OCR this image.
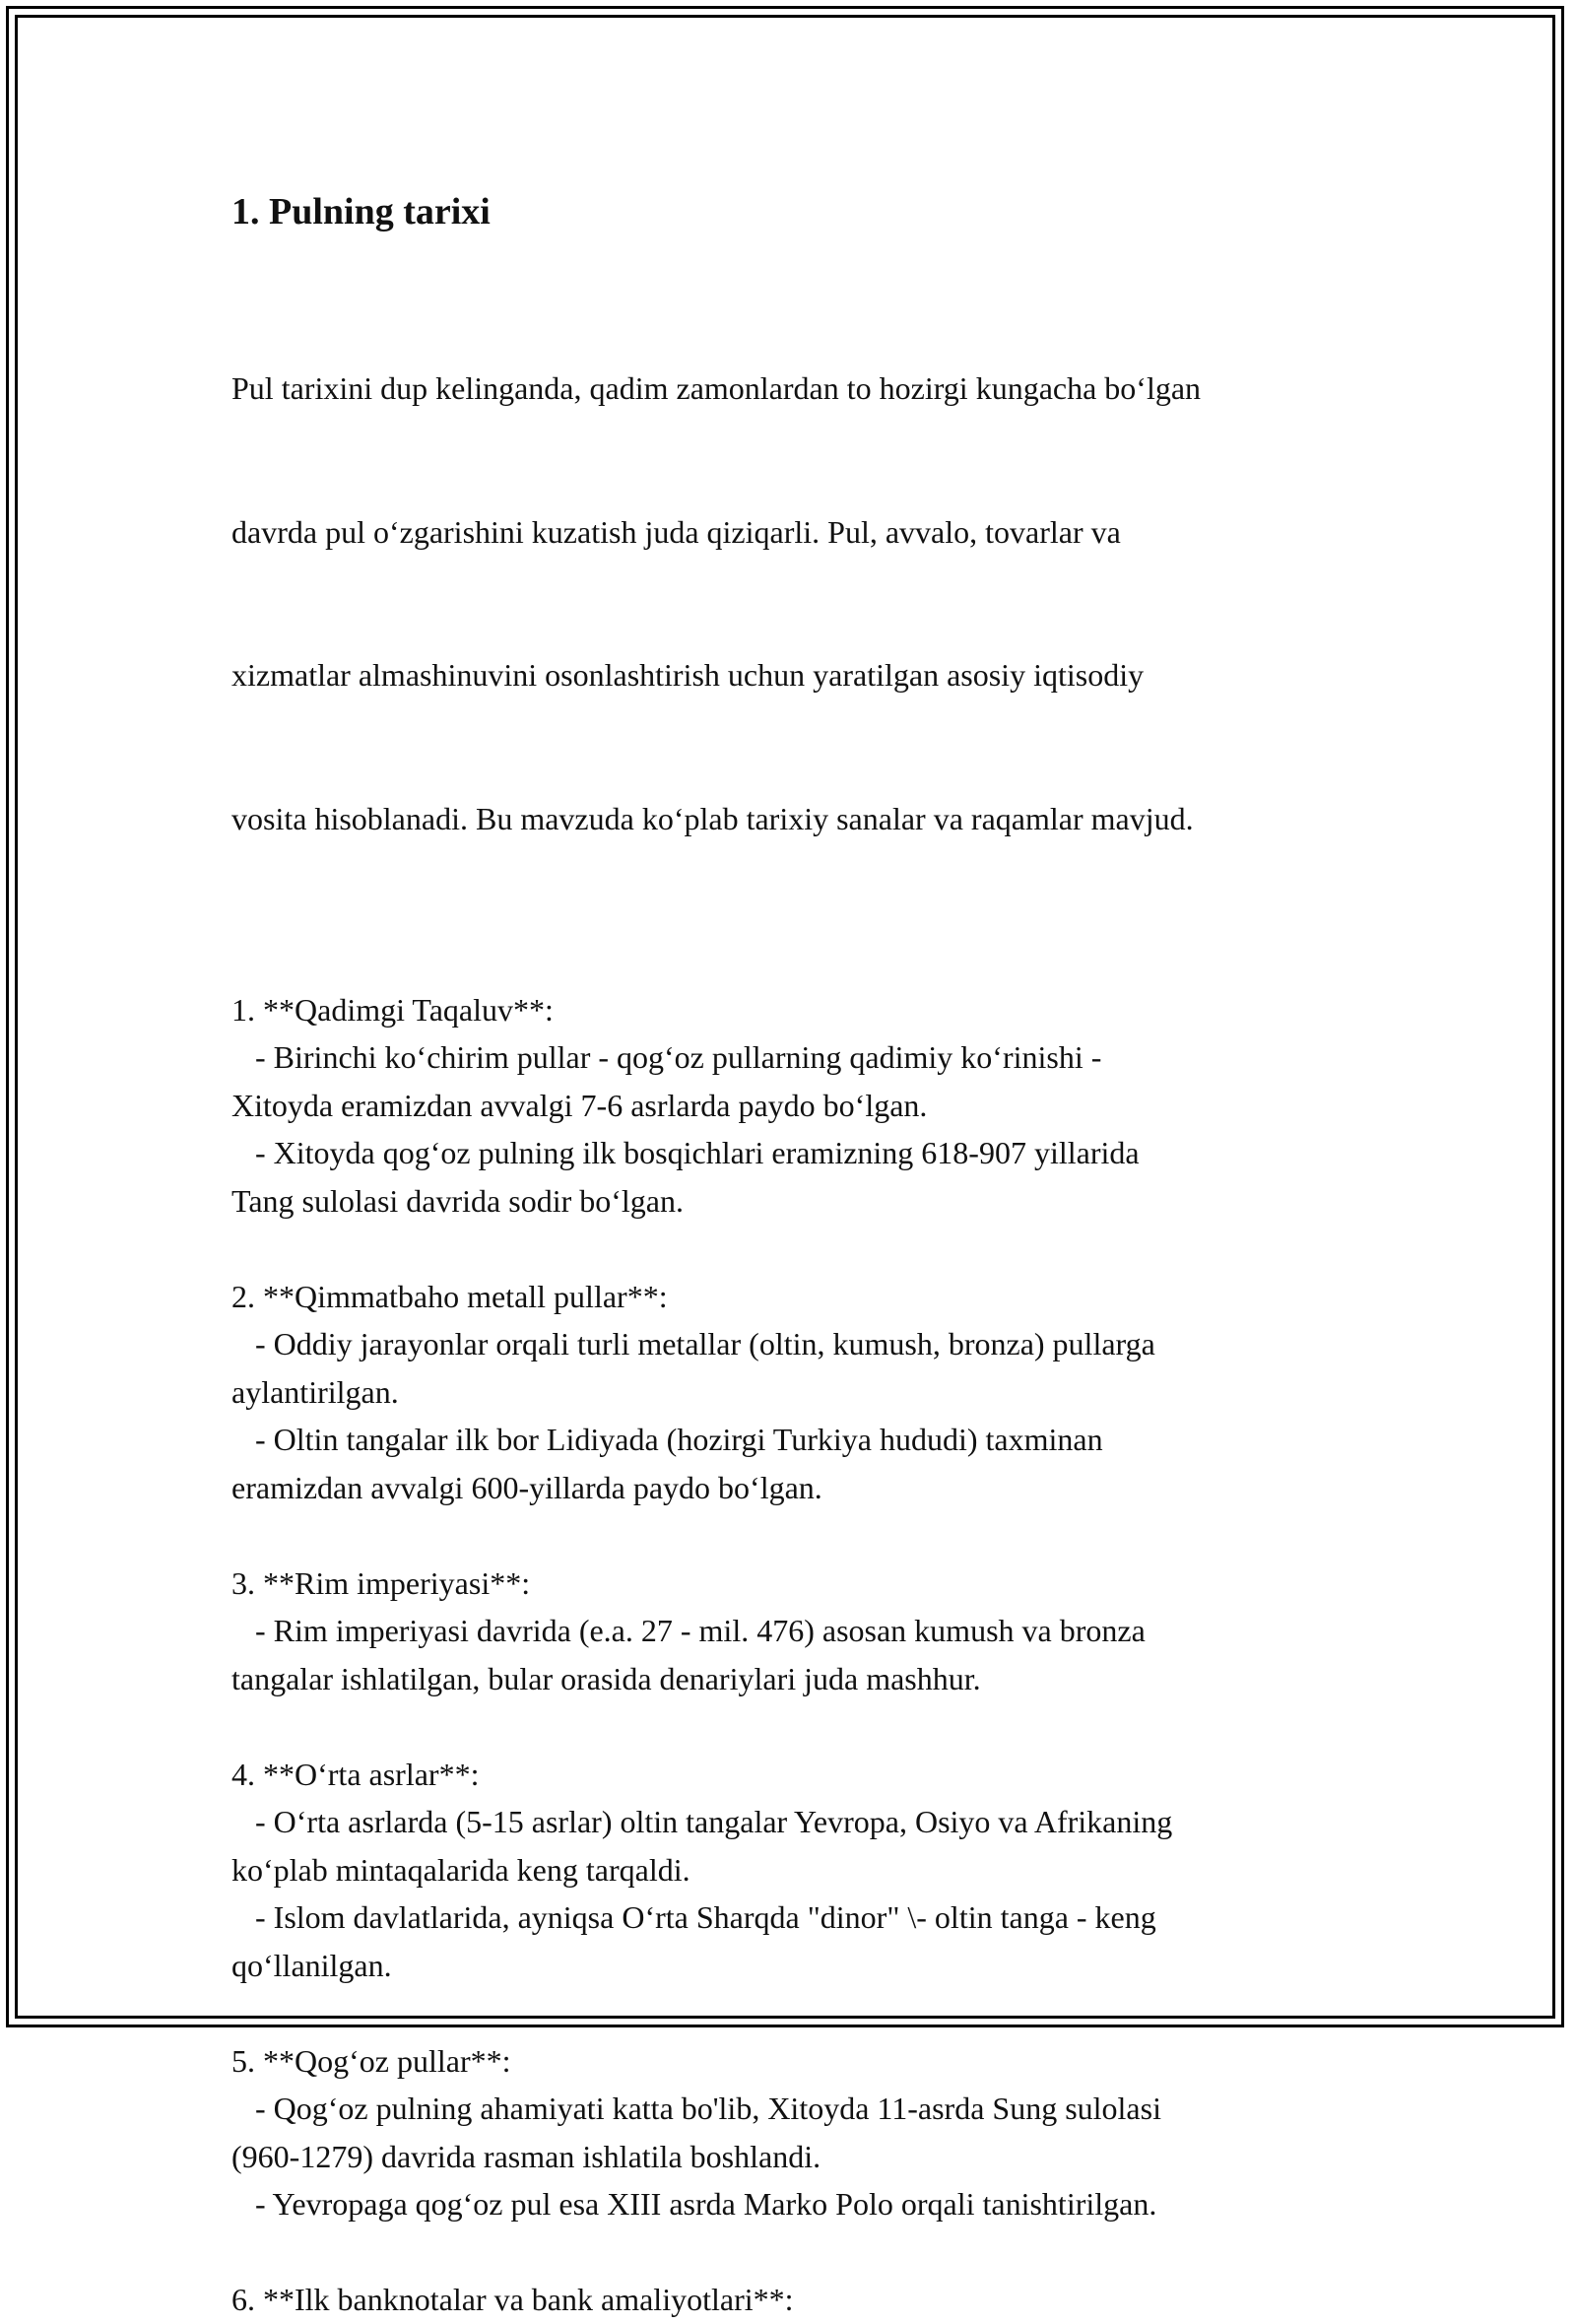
1. Pulning tarixi

Pul tarixini dup kelinganda, qadim zamonlardan to hozirgi kungacha bo‘lgan

davrda pul o‘zgarishini kuzatish juda qiziqarli. Pul, avvalo, tovarlar va

xizmatlar almashinuvini osonlashtirish uchun yaratilgan asosiy iqtisodiy

vosita hisoblanadi. Bu mavzuda ko‘plab tarixiy sanalar va raqamlar mavjud.

1. **Qadimgi Taqaluv**:
- Birinchi ko‘chirim pullar - qog‘oz pullarning qadimiy ko‘rinishi -
Xitoyda eramizdan avvalgi 7-6 asrlarda paydo bo‘lgan.
- Xitoyda qog‘oz pulning ilk bosqichlari eramizning 618-907 yillarida
Tang sulolasi davrida sodir bo‘lgan.
2. **Qimmatbaho metall pullar**:
- Oddiy jarayonlar orqali turli metallar (oltin, kumush, bronza) pullarga
aylantirilgan.
- Oltin tangalar ilk bor Lidiyada (hozirgi Turkiya hududi) taxminan
eramizdan avvalgi 600-yillarda paydo bo‘lgan.
3. **Rim imperiyasi**:
- Rim imperiyasi davrida (e.a. 27 - mil. 476) asosan kumush va bronza
tangalar ishlatilgan, bular orasida denariylari juda mashhur.
4. **O‘rta asrlar**:
- O‘rta asrlarda (5-15 asrlar) oltin tangalar Yevropa, Osiyo va Afrikaning
ko‘plab mintaqalarida keng tarqaldi.
- Islom davlatlarida, ayniqsa O‘rta Sharqda "dinor" \- oltin tanga - keng
qo‘llanilgan.
5. **Qog‘oz pullar**:
- Qog‘oz pulning ahamiyati katta bo'lib, Xitoyda 11-asrda Sung sulolasi
(960-1279) davrida rasman ishlatila boshlandi.
- Yevropaga qog‘oz pul esa XIII asrda Marko Polo orqali tanishtirilgan.
6. **Ilk banknotalar va bank amaliyotlari**:
